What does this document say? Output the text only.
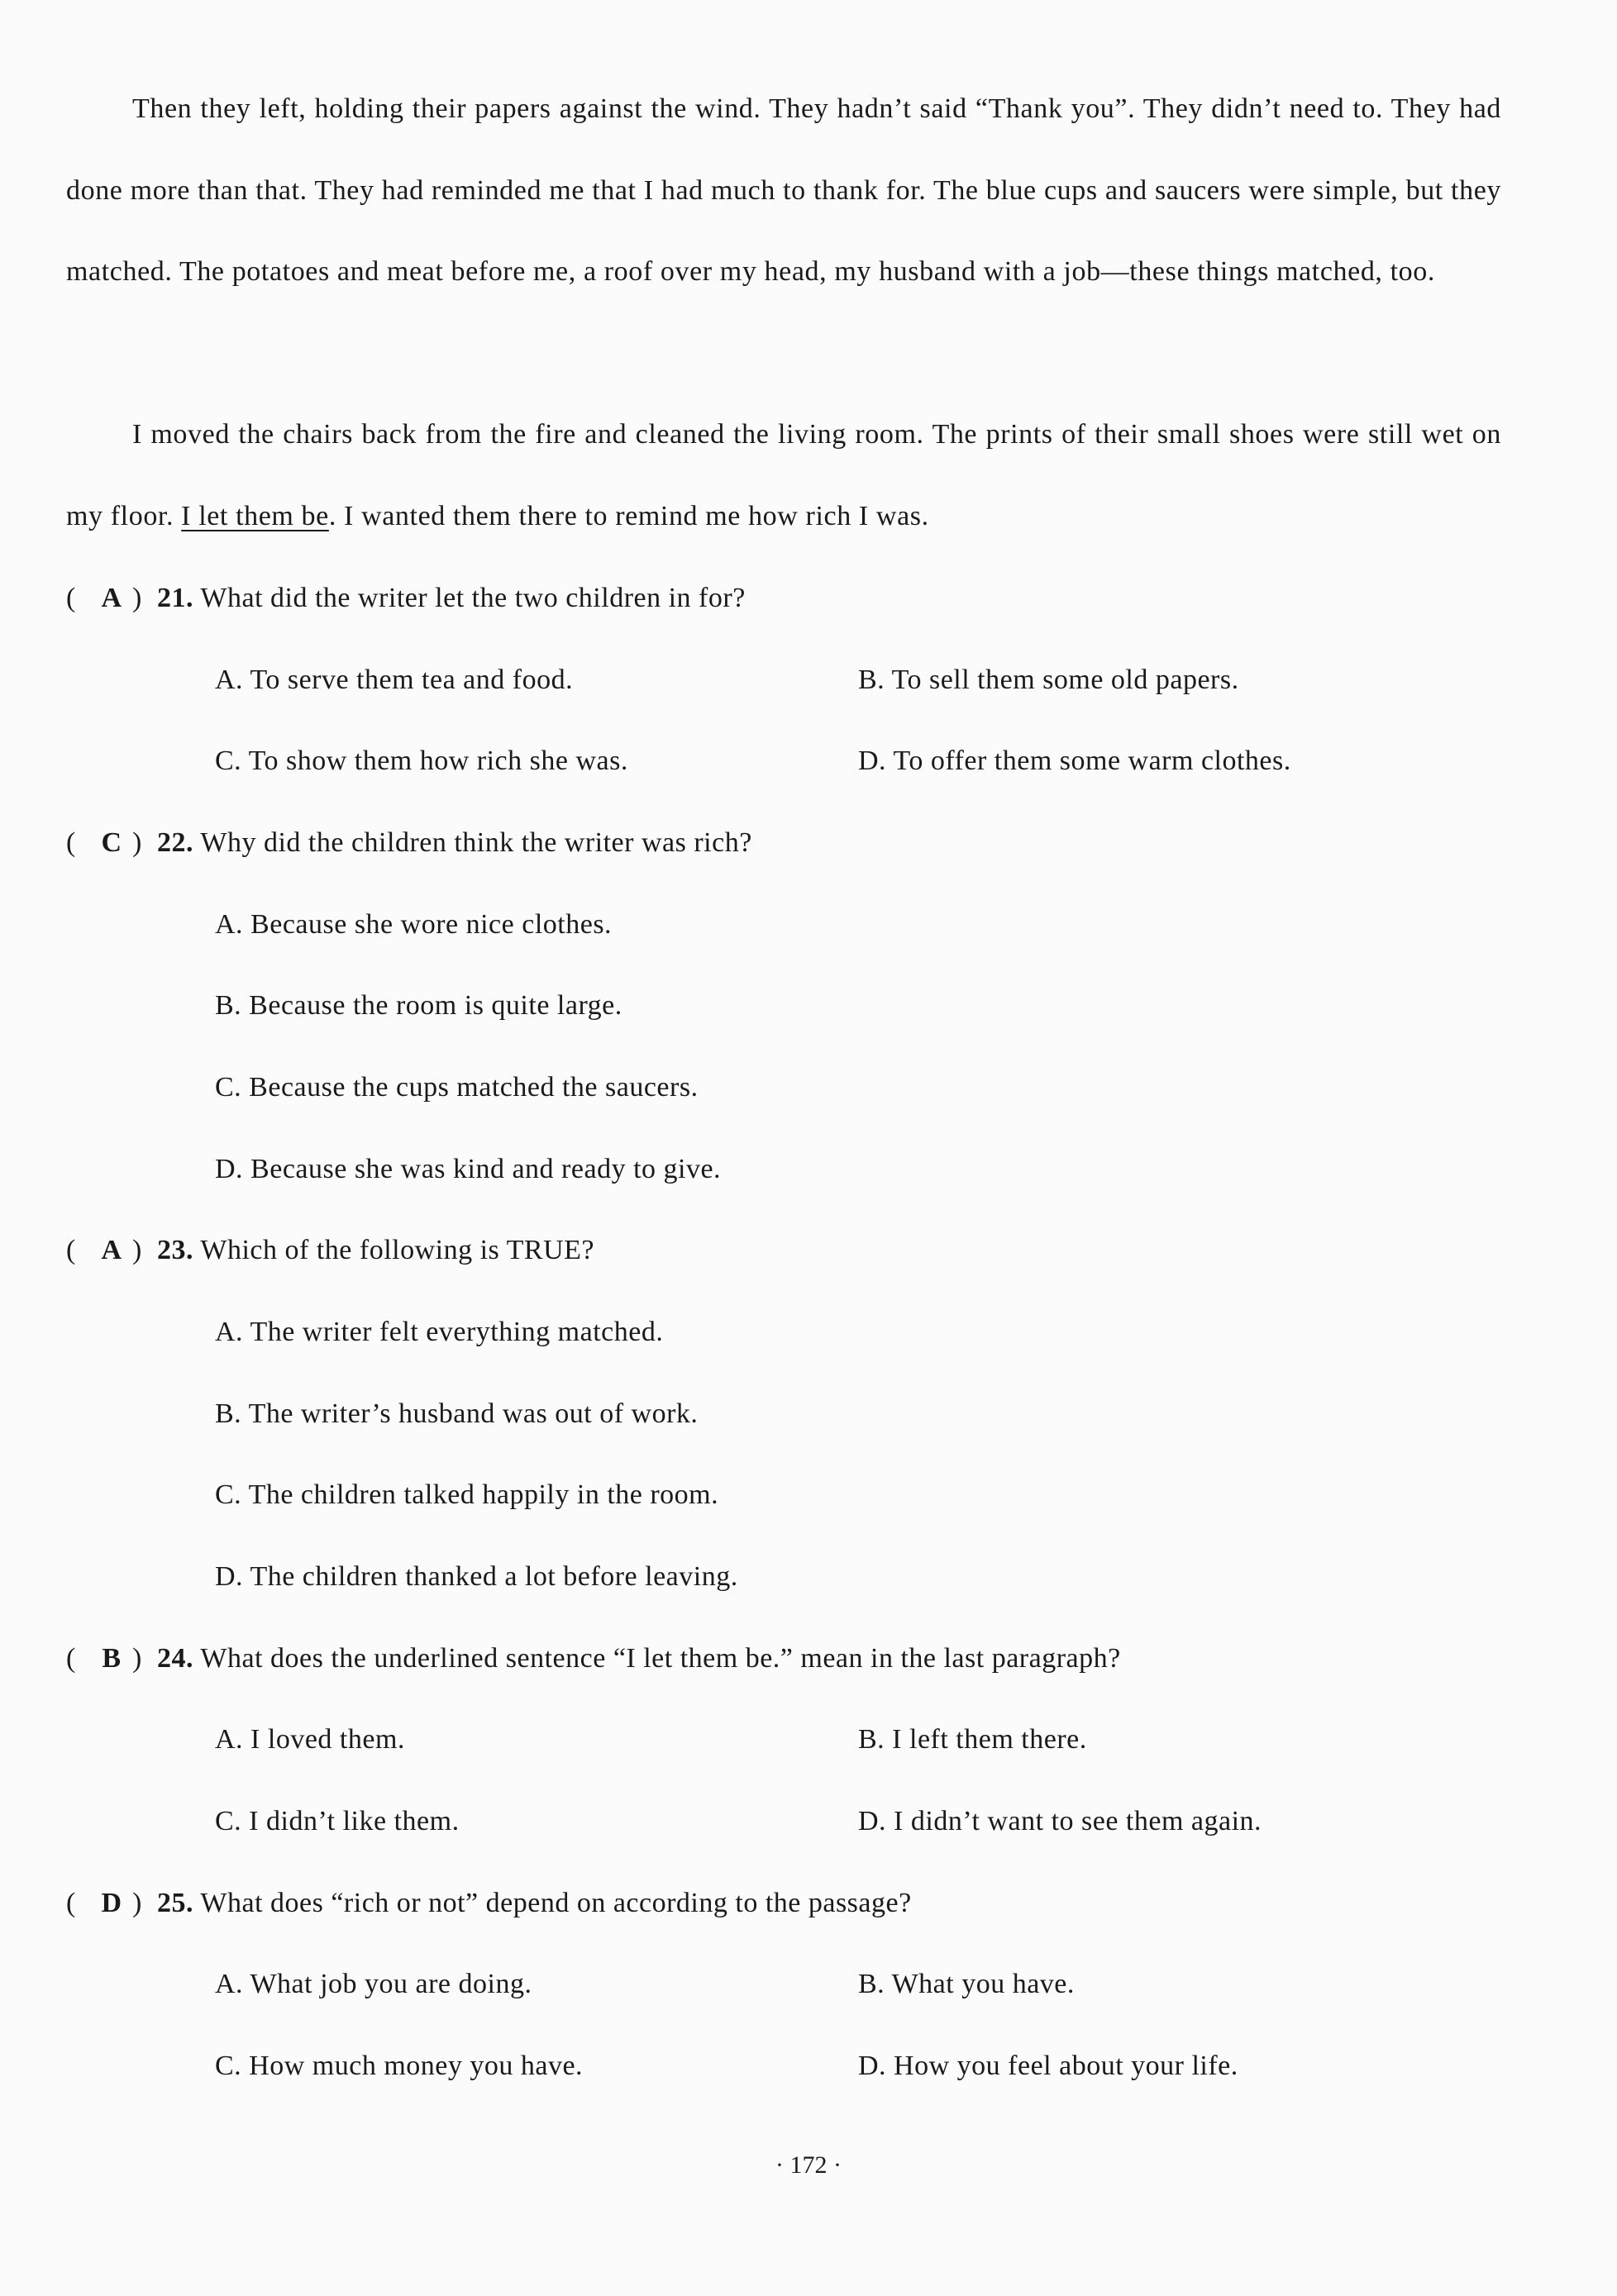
Then they left, holding their papers against the wind. They hadn’t said “Thank you”. They didn’t need to. They had done more than that. They had reminded me that I had much to thank for. The blue cups and saucers were simple, but they matched. The potatoes and meat before me, a roof over my head, my husband with a job—these things matched, too.

I moved the chairs back from the fire and cleaned the living room. The prints of their small shoes were still wet on my floor. I let them be. I wanted them there to remind me how rich I was.

( A ) 21. What did the writer let the two children in for?
A. To serve them tea and food.	B. To sell them some old papers.
C. To show them how rich she was.	D. To offer them some warm clothes.
( C ) 22. Why did the children think the writer was rich?
A. Because she wore nice clothes.
B. Because the room is quite large.
C. Because the cups matched the saucers.
D. Because she was kind and ready to give.
( A ) 23. Which of the following is TRUE?
A. The writer felt everything matched.
B. The writer’s husband was out of work.
C. The children talked happily in the room.
D. The children thanked a lot before leaving.
( B ) 24. What does the underlined sentence “I let them be.” mean in the last paragraph?
A. I loved them.	B. I left them there.
C. I didn’t like them.	D. I didn’t want to see them again.
( D ) 25. What does “rich or not” depend on according to the passage?
A. What job you are doing.	B. What you have.
C. How much money you have.	D. How you feel about your life.
· 172 ·
